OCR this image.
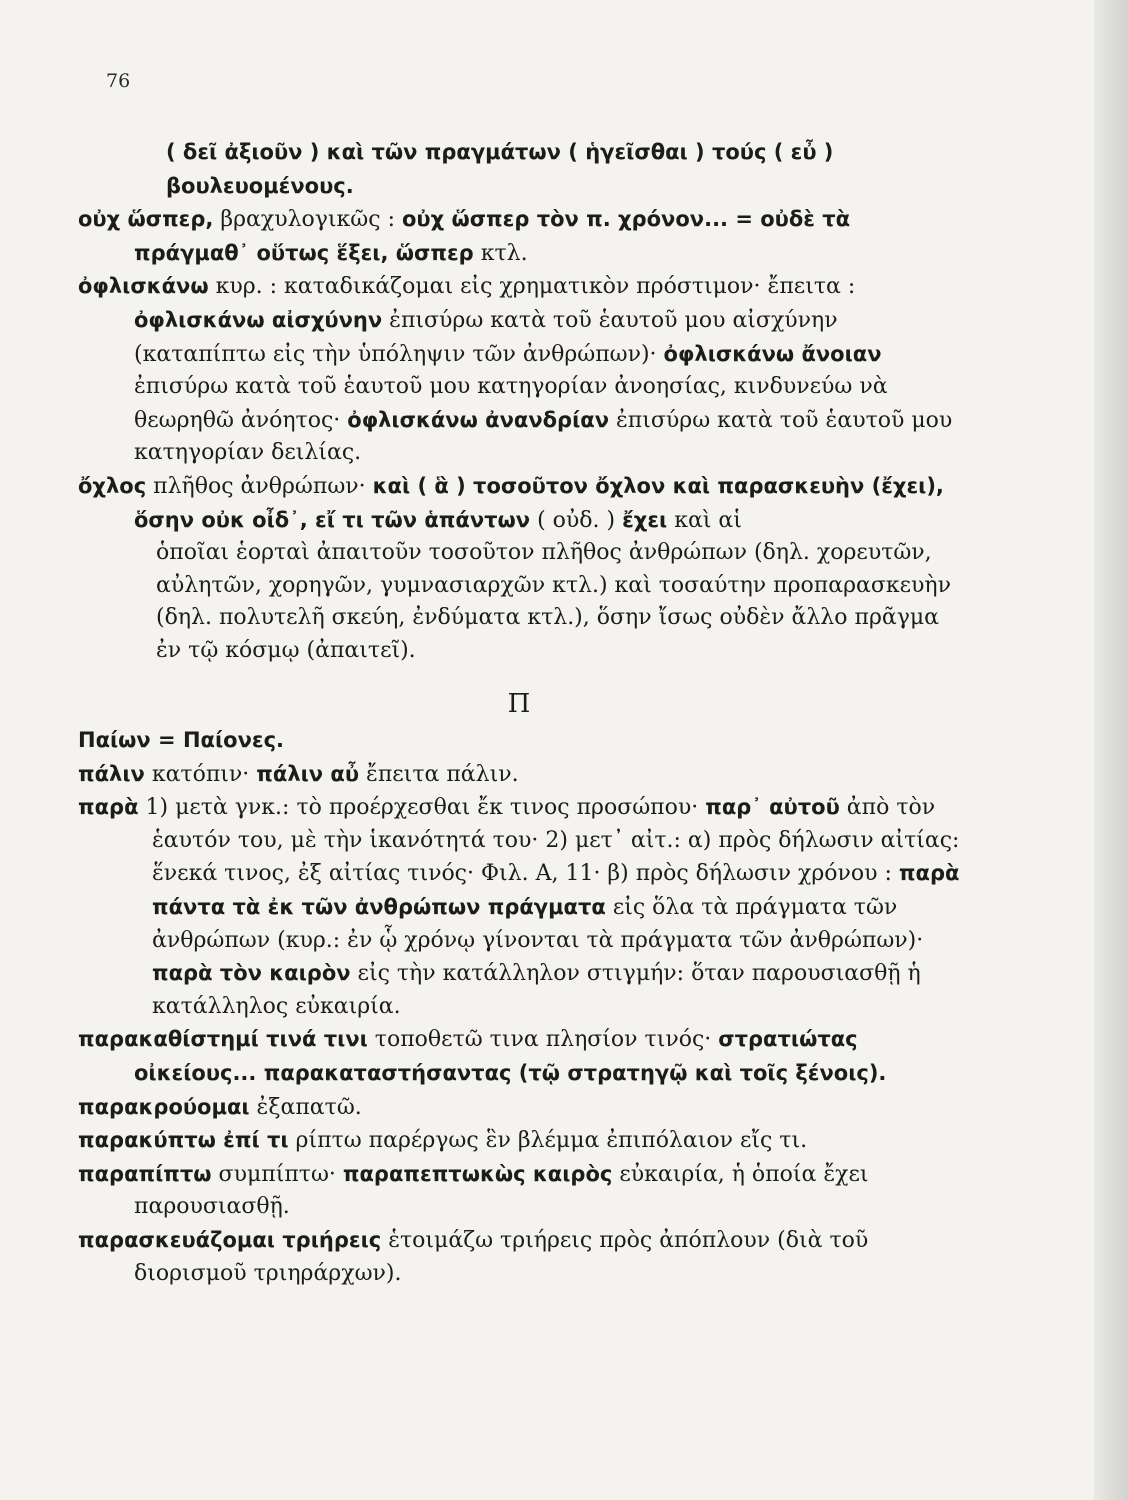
76

( δεῖ ἀξιοῦν ) καὶ τῶν πραγμάτων ( ἡγεῖσθαι ) τούς ( εὖ )
βουλευομένους.

οὐχ ὥσπερ, βραχυλογικῶς : οὐχ ὥσπερ τὸν π. χρόνον... = οὐδὲ τὰ πράγμαθ᾽ οὕτως ἕξει, ὥσπερ κτλ.

ὀφλισκάνω κυρ. : καταδικάζομαι εἰς χρηματικὸν πρόστιμον· ἔπειτα : ὀφλισκάνω αἰσχύνην ἐπισύρω κατὰ τοῦ ἑαυτοῦ μου αἰσχύνην (καταπίπτω εἰς τὴν ὑπόληψιν τῶν ἀνθρώπων)· ὀφλισκάνω ἄνοιαν ἐπισύρω κατὰ τοῦ ἑαυτοῦ μου κατηγορίαν ἀνοησίας, κινδυνεύω νὰ θεωρηθῶ ἀνόητος· ὀφλισκάνω ἀνανδρίαν ἐπισύρω κατὰ τοῦ ἑαυτοῦ μου κατηγορίαν δειλίας.

ὄχλος πλῆθος ἀνθρώπων· καὶ ( ἃ ) τοσοῦτον ὄχλον καὶ παρασκευὴν (ἔχει), ὅσην οὐκ οἶδ᾽, εἴ τι τῶν ἁπάντων ( οὐδ. ) ἔχει καὶ αἱ

ὁποῖαι ἑορταὶ ἀπαιτοῦν τοσοῦτον πλῆθος ἀνθρώπων (δηλ. χορευτῶν, αὐλητῶν, χορηγῶν, γυμνασιαρχῶν κτλ.) καὶ τοσαύτην προπαρασκευὴν (δηλ. πολυτελῆ σκεύη, ἐνδύματα κτλ.), ὅσην ἴσως οὐδὲν ἄλλο πρᾶγμα ἐν τῷ κόσμῳ (ἀπαιτεῖ).

Π

Παίων = Παίονες.

πάλιν κατόπιν· πάλιν αὖ ἔπειτα πάλιν.

παρὰ 1) μετὰ γνκ.: τὸ προέρχεσθαι ἔκ τινος προσώπου· παρ᾽ αὐτοῦ ἀπὸ τὸν ἑαυτόν του, μὲ τὴν ἱκανότητά του· 2) μετ᾽ αἰτ.: α) πρὸς δήλωσιν αἰτίας: ἕνεκά τινος, ἐξ αἰτίας τινός· Φιλ. Α, 11· β) πρὸς δήλωσιν χρόνου : παρὰ πάντα τὰ ἐκ τῶν ἀνθρώπων πράγματα εἰς ὅλα τὰ πράγματα τῶν ἀνθρώπων (κυρ.: ἐν ᾧ χρόνῳ γίνονται τὰ πράγματα τῶν ἀνθρώπων)· παρὰ τὸν καιρὸν εἰς τὴν κατάλληλον στιγμήν: ὅταν παρουσιασθῇ ἡ κατάλληλος εὐκαιρία.

παρακαθίστημί τινά τινι τοποθετῶ τινα πλησίον τινός· στρατιώτας οἰκείους... παρακαταστήσαντας (τῷ στρατηγῷ καὶ τοῖς ξένοις).

παρακρούομαι ἐξαπατῶ.

παρακύπτω ἐπί τι ρίπτω παρέργως ἓν βλέμμα ἐπιπόλαιον εἴς τι.

παραπίπτω συμπίπτω· παραπεπτωκὼς καιρὸς εὐκαιρία, ἡ ὁποία ἔχει παρουσιασθῇ.

παρασκευάζομαι τριήρεις ἑτοιμάζω τριήρεις πρὸς ἀπόπλουν (διὰ τοῦ διορισμοῦ τριηράρχων).
